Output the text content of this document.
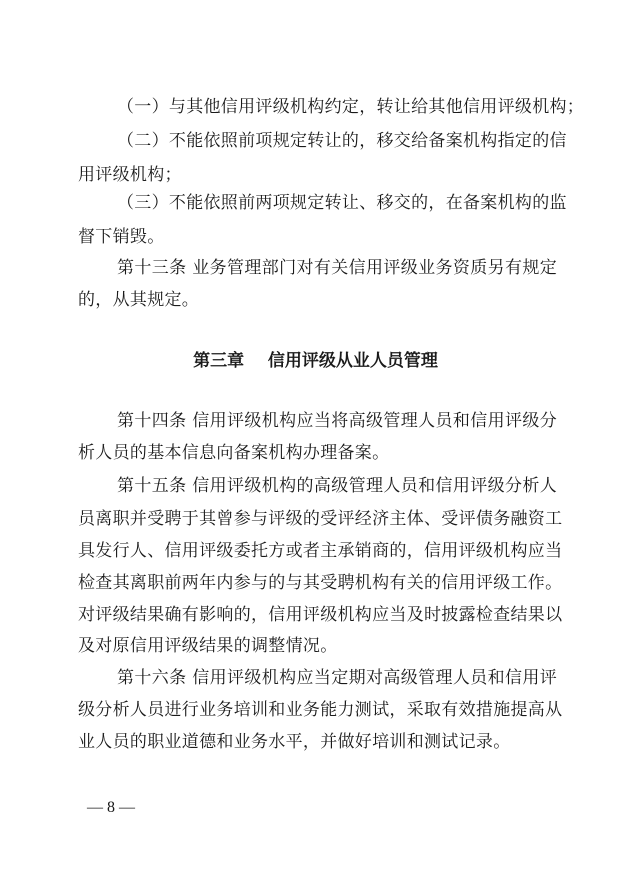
（一）与其他信用评级机构约定，转让给其他信用评级机构；
（二）不能依照前项规定转让的，移交给备案机构指定的信
用评级机构；
（三）不能依照前两项规定转让、移交的，在备案机构的监
督下销毁。
第十三条 业务管理部门对有关信用评级业务资质另有规定
的，从其规定。
第三章    信用评级从业人员管理
第十四条 信用评级机构应当将高级管理人员和信用评级分
析人员的基本信息向备案机构办理备案。
第十五条 信用评级机构的高级管理人员和信用评级分析人
员离职并受聘于其曾参与评级的受评经济主体、受评债务融资工
具发行人、信用评级委托方或者主承销商的，信用评级机构应当
检查其离职前两年内参与的与其受聘机构有关的信用评级工作。
对评级结果确有影响的，信用评级机构应当及时披露检查结果以
及对原信用评级结果的调整情况。
第十六条 信用评级机构应当定期对高级管理人员和信用评
级分析人员进行业务培训和业务能力测试，采取有效措施提高从
业人员的职业道德和业务水平，并做好培训和测试记录。
— 8 —
